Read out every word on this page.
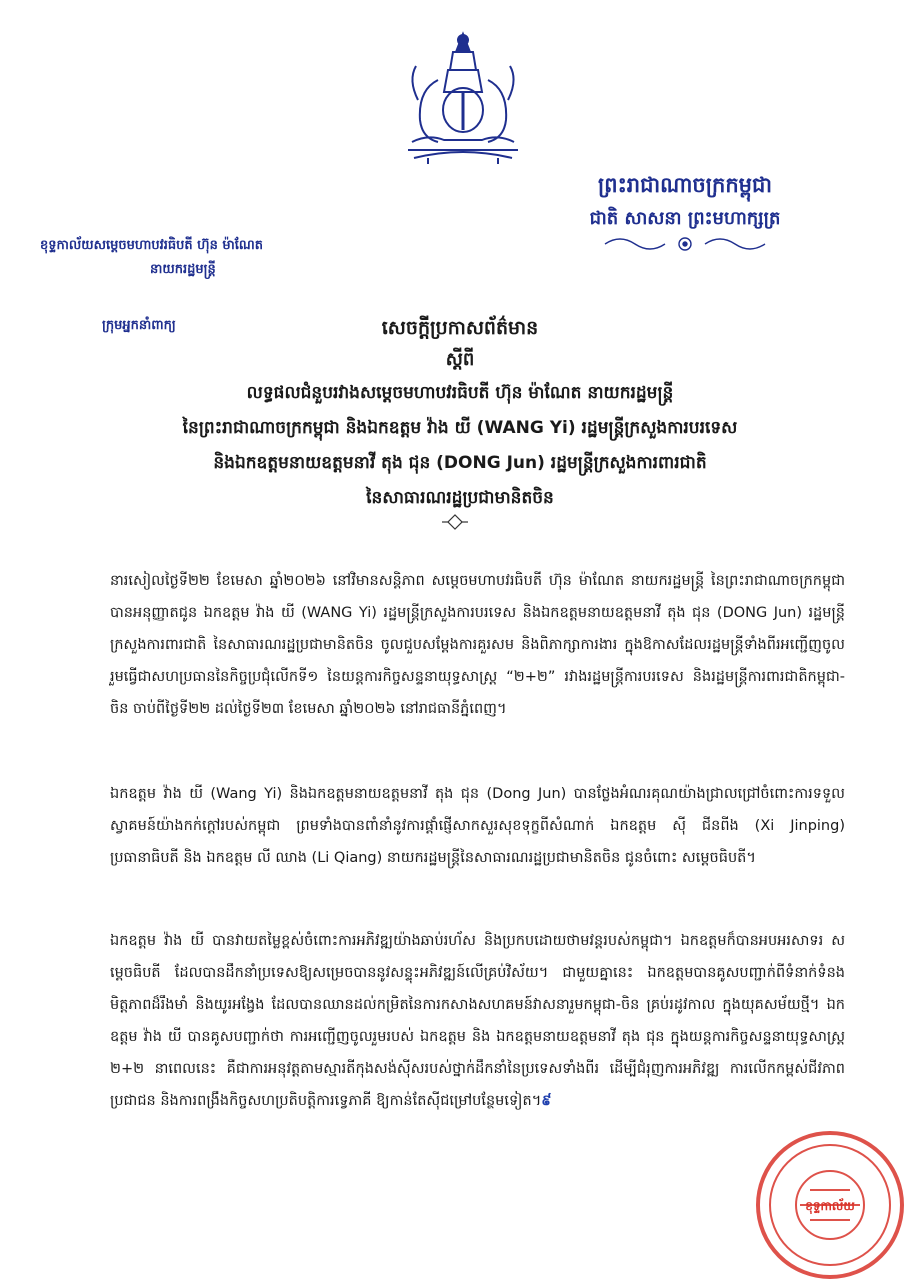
ព្រះរាជាណាចក្រកម្ពុជា
ជាតិ សាសនា ព្រះមហាក្សត្រ
ខុទ្ទកាល័យសម្តេចមហាបវរធិបតី ហ៊ុន ម៉ាណែត
នាយករដ្ឋមន្ត្រី
ក្រុមអ្នកនាំពាក្យ	សេចក្តីប្រកាសព័ត៌មាន
ស្តីពី
លទ្ធផលជំនួបរវាងសម្តេចមហាបវរធិបតី ហ៊ុន ម៉ាណែត នាយករដ្ឋមន្ត្រី
នៃព្រះរាជាណាចក្រកម្ពុជា និងឯកឧត្តម វ៉ាង យី (WANG Yi) រដ្ឋមន្ត្រីក្រសួងការបរទេស
និងឯកឧត្តមនាយឧត្តមនាវី តុង ជុន (DONG Jun) រដ្ឋមន្ត្រីក្រសួងការពារជាតិ
នៃសាធារណរដ្ឋប្រជាមានិតចិន

នារសៀលថ្ងៃទី២២ ខែមេសា ឆ្នាំ២០២៦ នៅវិមានសន្តិភាព សម្តេចមហាបវរធិបតី ហ៊ុន ម៉ាណែត នាយករដ្ឋមន្ត្រី នៃព្រះរាជាណាចក្រកម្ពុជា បានអនុញ្ញាតជូន ឯកឧត្តម វ៉ាង យី (WANG Yi) រដ្ឋមន្ត្រីក្រសួងការបរទេស និងឯកឧត្តមនាយឧត្តមនាវី តុង ជុន (DONG Jun) រដ្ឋមន្ត្រីក្រសួងការពារជាតិ នៃសាធារណរដ្ឋប្រជាមានិតចិន ចូលជួបសម្តែងការគួរសម និងពិភាក្សាការងារ ក្នុងឱកាសដែលរដ្ឋមន្ត្រីទាំងពីរអញ្ជើញចូលរួមធ្វើជាសហប្រធាននៃកិច្ចប្រជុំលើកទី១ នៃយន្តការកិច្ចសន្ទនាយុទ្ធសាស្ត្រ “២+២” រវាងរដ្ឋមន្ត្រីការបរទេស និងរដ្ឋមន្ត្រីការពារជាតិកម្ពុជា-ចិន ចាប់ពីថ្ងៃទី២២ ដល់ថ្ងៃទី២៣ ខែមេសា ឆ្នាំ២០២៦ នៅរាជធានីភ្នំពេញ។

ឯកឧត្តម វ៉ាង យី (Wang Yi) និងឯកឧត្តមនាយឧត្តមនាវី តុង ជុន (Dong Jun) បានថ្លែងអំណរគុណយ៉ាងជ្រាលជ្រៅចំពោះការទទួលស្វាគមន៍យ៉ាងកក់ក្តៅរបស់កម្ពុជា ព្រមទាំងបានពាំនាំនូវការផ្តាំផ្ញើសាកសួរសុខទុក្ខពីសំណាក់ ឯកឧត្តម ស៊ី ជីនពីង (Xi Jinping) ប្រធានាធិបតី និង ឯកឧត្តម លី ឈាង (Li Qiang) នាយករដ្ឋមន្ត្រីនៃសាធារណរដ្ឋប្រជាមានិតចិន ជូនចំពោះ សម្តេចធិបតី។

ឯកឧត្តម វ៉ាង យី បានវាយតម្លៃខ្ពស់ចំពោះការអភិវឌ្ឍយ៉ាងឆាប់រហ័ស និងប្រកបដោយថាមវន្តរបស់កម្ពុជា។ ឯកឧត្តមក៏បានអបអរសាទរ សម្តេចធិបតី ដែលបានដឹកនាំប្រទេសឱ្យសម្រេចបាននូវសន្ទុះអភិវឌ្ឍន៍លើគ្រប់វិស័យ។ ជាមួយគ្នានេះ ឯកឧត្តមបានគូសបញ្ជាក់ពីទំនាក់ទំនងមិត្តភាពដ៏រឹងមាំ និងយូរអង្វែង ដែលបានឈានដល់កម្រិតនៃការកសាងសហគមន៍វាសនារួមកម្ពុជា-ចិន គ្រប់រដូវកាល ក្នុងយុគសម័យថ្មី។ ឯកឧត្តម វ៉ាង យី បានគូសបញ្ជាក់ថា ការអញ្ជើញចូលរួមរបស់ ឯកឧត្តម និង ឯកឧត្តមនាយឧត្តមនាវី តុង ជុន ក្នុងយន្តការកិច្ចសន្ទនាយុទ្ធសាស្ត្រ ២+២ នាពេលនេះ គឺជាការអនុវត្តតាមស្មារតីកុងសង់ស៊ីសរបស់ថ្នាក់ដឹកនាំនៃប្រទេសទាំងពីរ ដើម្បីជំរុញការអភិវឌ្ឍ ការលើកកម្ពស់ជីវភាពប្រជាជន និងការពង្រឹងកិច្ចសហប្រតិបត្តិការទ្វេភាគី ឱ្យកាន់តែស៊ីជម្រៅបន្ថែមទៀត។៩

ខុទ្ទកាល័យ
